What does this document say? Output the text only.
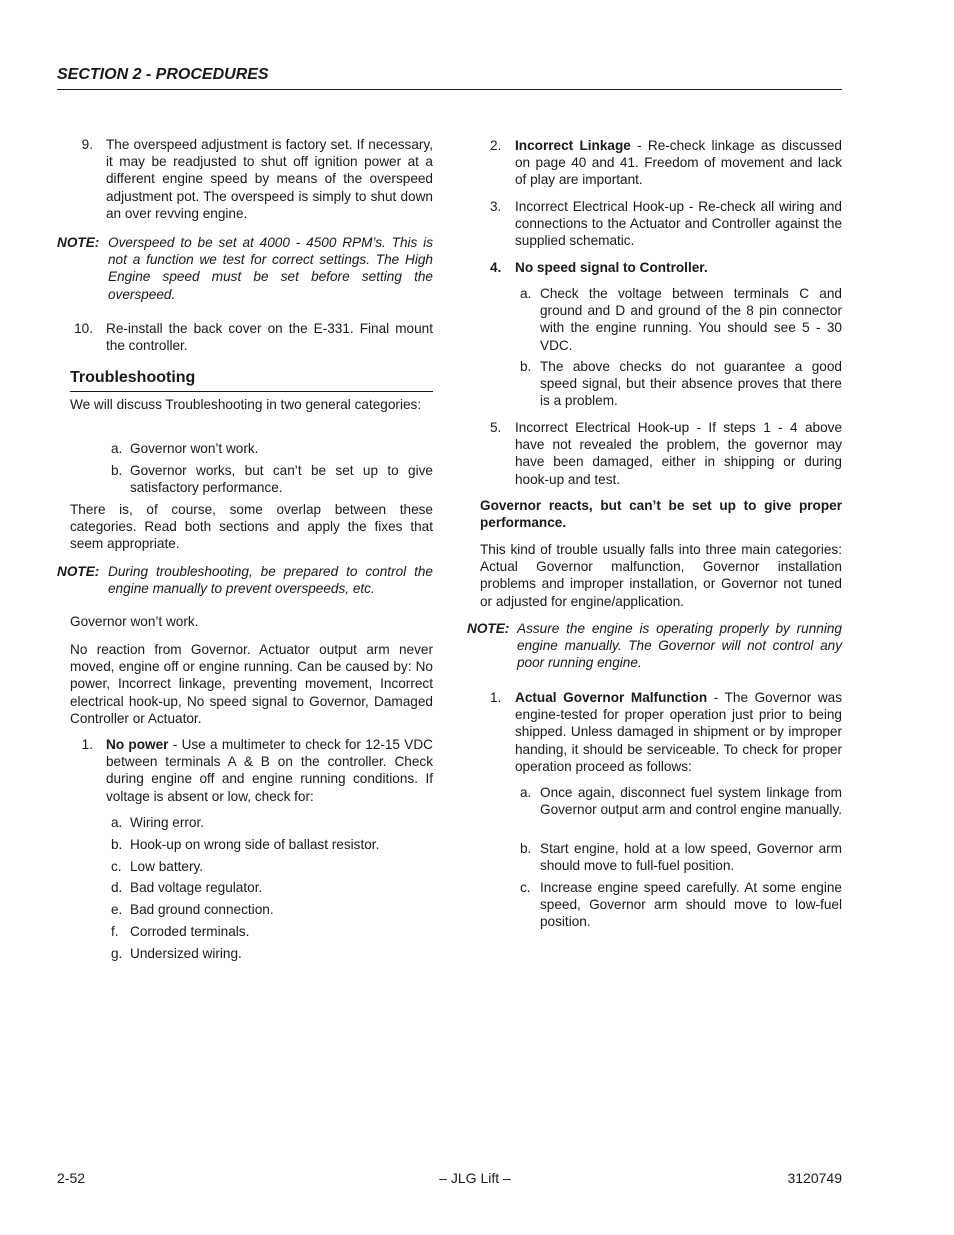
SECTION 2 - PROCEDURES
9. The overspeed adjustment is factory set. If necessary, it may be readjusted to shut off ignition power at a different engine speed by means of the overspeed adjustment pot. The overspeed is simply to shut down an over revving engine.
NOTE: Overspeed to be set at 4000 - 4500 RPM’s. This is not a function we test for correct settings. The High Engine speed must be set before setting the overspeed.
10. Re-install the back cover on the E-331. Final mount the controller.
Troubleshooting
We will discuss Troubleshooting in two general categories:
a. Governor won’t work.
b. Governor works, but can’t be set up to give satisfactory performance.
There is, of course, some overlap between these categories. Read both sections and apply the fixes that seem appropriate.
NOTE: During troubleshooting, be prepared to control the engine manually to prevent overspeeds, etc.
Governor won’t work.
No reaction from Governor. Actuator output arm never moved, engine off or engine running. Can be caused by: No power, Incorrect linkage, preventing movement, Incorrect electrical hook-up, No speed signal to Governor, Damaged Controller or Actuator.
1. No power - Use a multimeter to check for 12-15 VDC between terminals A & B on the controller. Check during engine off and engine running conditions. If voltage is absent or low, check for:
a. Wiring error.
b. Hook-up on wrong side of ballast resistor.
c. Low battery.
d. Bad voltage regulator.
e. Bad ground connection.
f. Corroded terminals.
g. Undersized wiring.
2. Incorrect Linkage - Re-check linkage as discussed on page 40 and 41. Freedom of movement and lack of play are important.
3. Incorrect Electrical Hook-up - Re-check all wiring and connections to the Actuator and Controller against the supplied schematic.
4. No speed signal to Controller.
a. Check the voltage between terminals C and ground and D and ground of the 8 pin connector with the engine running. You should see 5 - 30 VDC.
b. The above checks do not guarantee a good speed signal, but their absence proves that there is a problem.
5. Incorrect Electrical Hook-up - If steps 1 - 4 above have not revealed the problem, the governor may have been damaged, either in shipping or during hook-up and test.
Governor reacts, but can’t be set up to give proper performance.
This kind of trouble usually falls into three main categories: Actual Governor malfunction, Governor installation problems and improper installation, or Governor not tuned or adjusted for engine/application.
NOTE: Assure the engine is operating properly by running engine manually. The Governor will not control any poor running engine.
1. Actual Governor Malfunction - The Governor was engine-tested for proper operation just prior to being shipped. Unless damaged in shipment or by improper handing, it should be serviceable. To check for proper operation proceed as follows:
a. Once again, disconnect fuel system linkage from Governor output arm and control engine manually.
b. Start engine, hold at a low speed, Governor arm should move to full-fuel position.
c. Increase engine speed carefully. At some engine speed, Governor arm should move to low-fuel position.
2-52	– JLG Lift –	3120749
